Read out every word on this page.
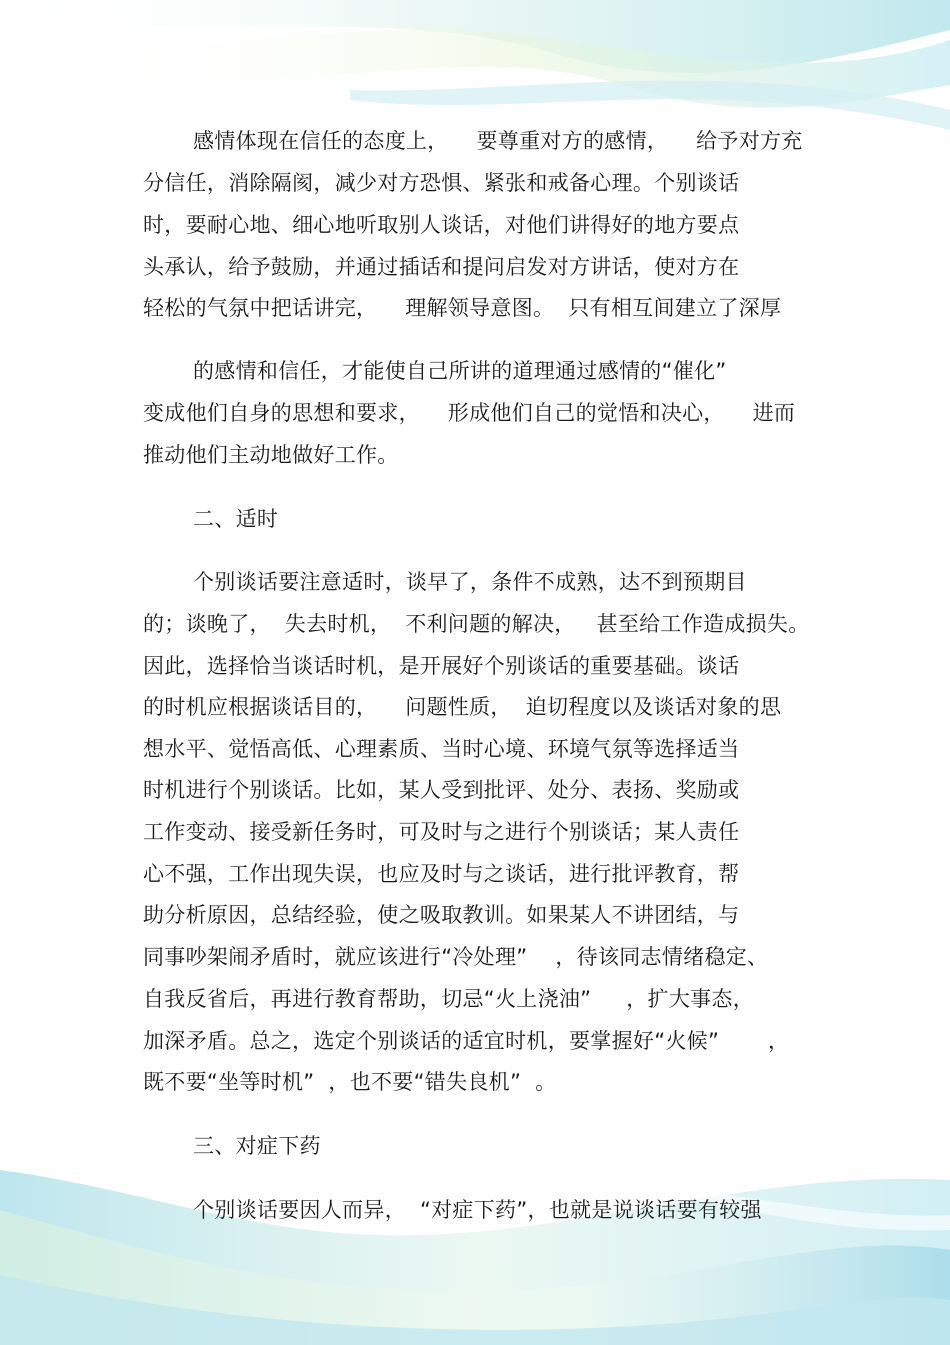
感情体现在信任的态度上，    要尊重对方的感情，    给予对方充
分信任，消除隔阂，减少对方恐惧、紧张和戒备心理。个别谈话
时，要耐心地、细心地听取别人谈话，对他们讲得好的地方要点
头承认，给予鼓励，并通过插话和提问启发对方讲话，使对方在
轻松的气氛中把话讲完，    理解领导意图。  只有相互间建立了深厚
的感情和信任，才能使自己所讲的道理通过感情的“催化”
变成他们自身的思想和要求，    形成他们自己的觉悟和决心，    进而
推动他们主动地做好工作。
二、适时
个别谈话要注意适时，谈早了，条件不成熟，达不到预期目
的；谈晚了，  失去时机，  不利问题的解决，   甚至给工作造成损失。
因此，选择恰当谈话时机，是开展好个别谈话的重要基础。谈话
的时机应根据谈话目的，    问题性质，  迫切程度以及谈话对象的思
想水平、觉悟高低、心理素质、当时心境、环境气氛等选择适当
时机进行个别谈话。比如，某人受到批评、处分、表扬、奖励或
工作变动、接受新任务时，可及时与之进行个别谈话；某人责任
心不强，工作出现失误，也应及时与之谈话，进行批评教育，帮
助分析原因，总结经验，使之吸取教训。如果某人不讲团结，与
同事吵架闹矛盾时，就应该进行“冷处理”    ，待该同志情绪稳定、
自我反省后，再进行教育帮助，切忌“火上浇油”     ，扩大事态，
加深矛盾。总之，选定个别谈话的适宜时机，要掌握好“火候”       ，
既不要“坐等时机”  ，也不要“错失良机”  。
三、对症下药
个别谈话要因人而异，  “对症下药”，也就是说谈话要有较强
